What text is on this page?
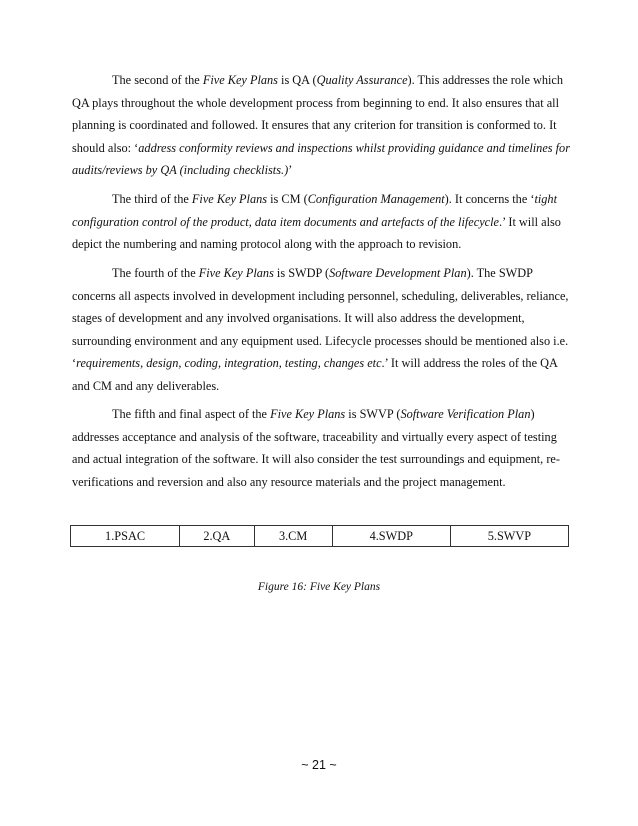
The second of the Five Key Plans is QA (Quality Assurance). This addresses the role which QA plays throughout the whole development process from beginning to end. It also ensures that all planning is coordinated and followed. It ensures that any criterion for transition is conformed to. It should also: ‘address conformity reviews and inspections whilst providing guidance and timelines for audits/reviews by QA (including checklists.)’

The third of the Five Key Plans is CM (Configuration Management). It concerns the ‘tight configuration control of the product, data item documents and artefacts of the lifecycle.’ It will also depict the numbering and naming protocol along with the approach to revision.

The fourth of the Five Key Plans is SWDP (Software Development Plan). The SWDP concerns all aspects involved in development including personnel, scheduling, deliverables, reliance, stages of development and any involved organisations. It will also address the development, surrounding environment and any equipment used. Lifecycle processes should be mentioned also i.e. ‘requirements, design, coding, integration, testing, changes etc.’ It will address the roles of the QA and CM and any deliverables.

The fifth and final aspect of the Five Key Plans is SWVP (Software Verification Plan) addresses acceptance and analysis of the software, traceability and virtually every aspect of testing and actual integration of the software. It will also consider the test surroundings and equipment, re-verifications and reversion and also any resource materials and the project management.

1.PSAC	2.QA	3.CM	4.SWDP	5.SWVP
Figure 16: Five Key Plans
~ 21 ~
